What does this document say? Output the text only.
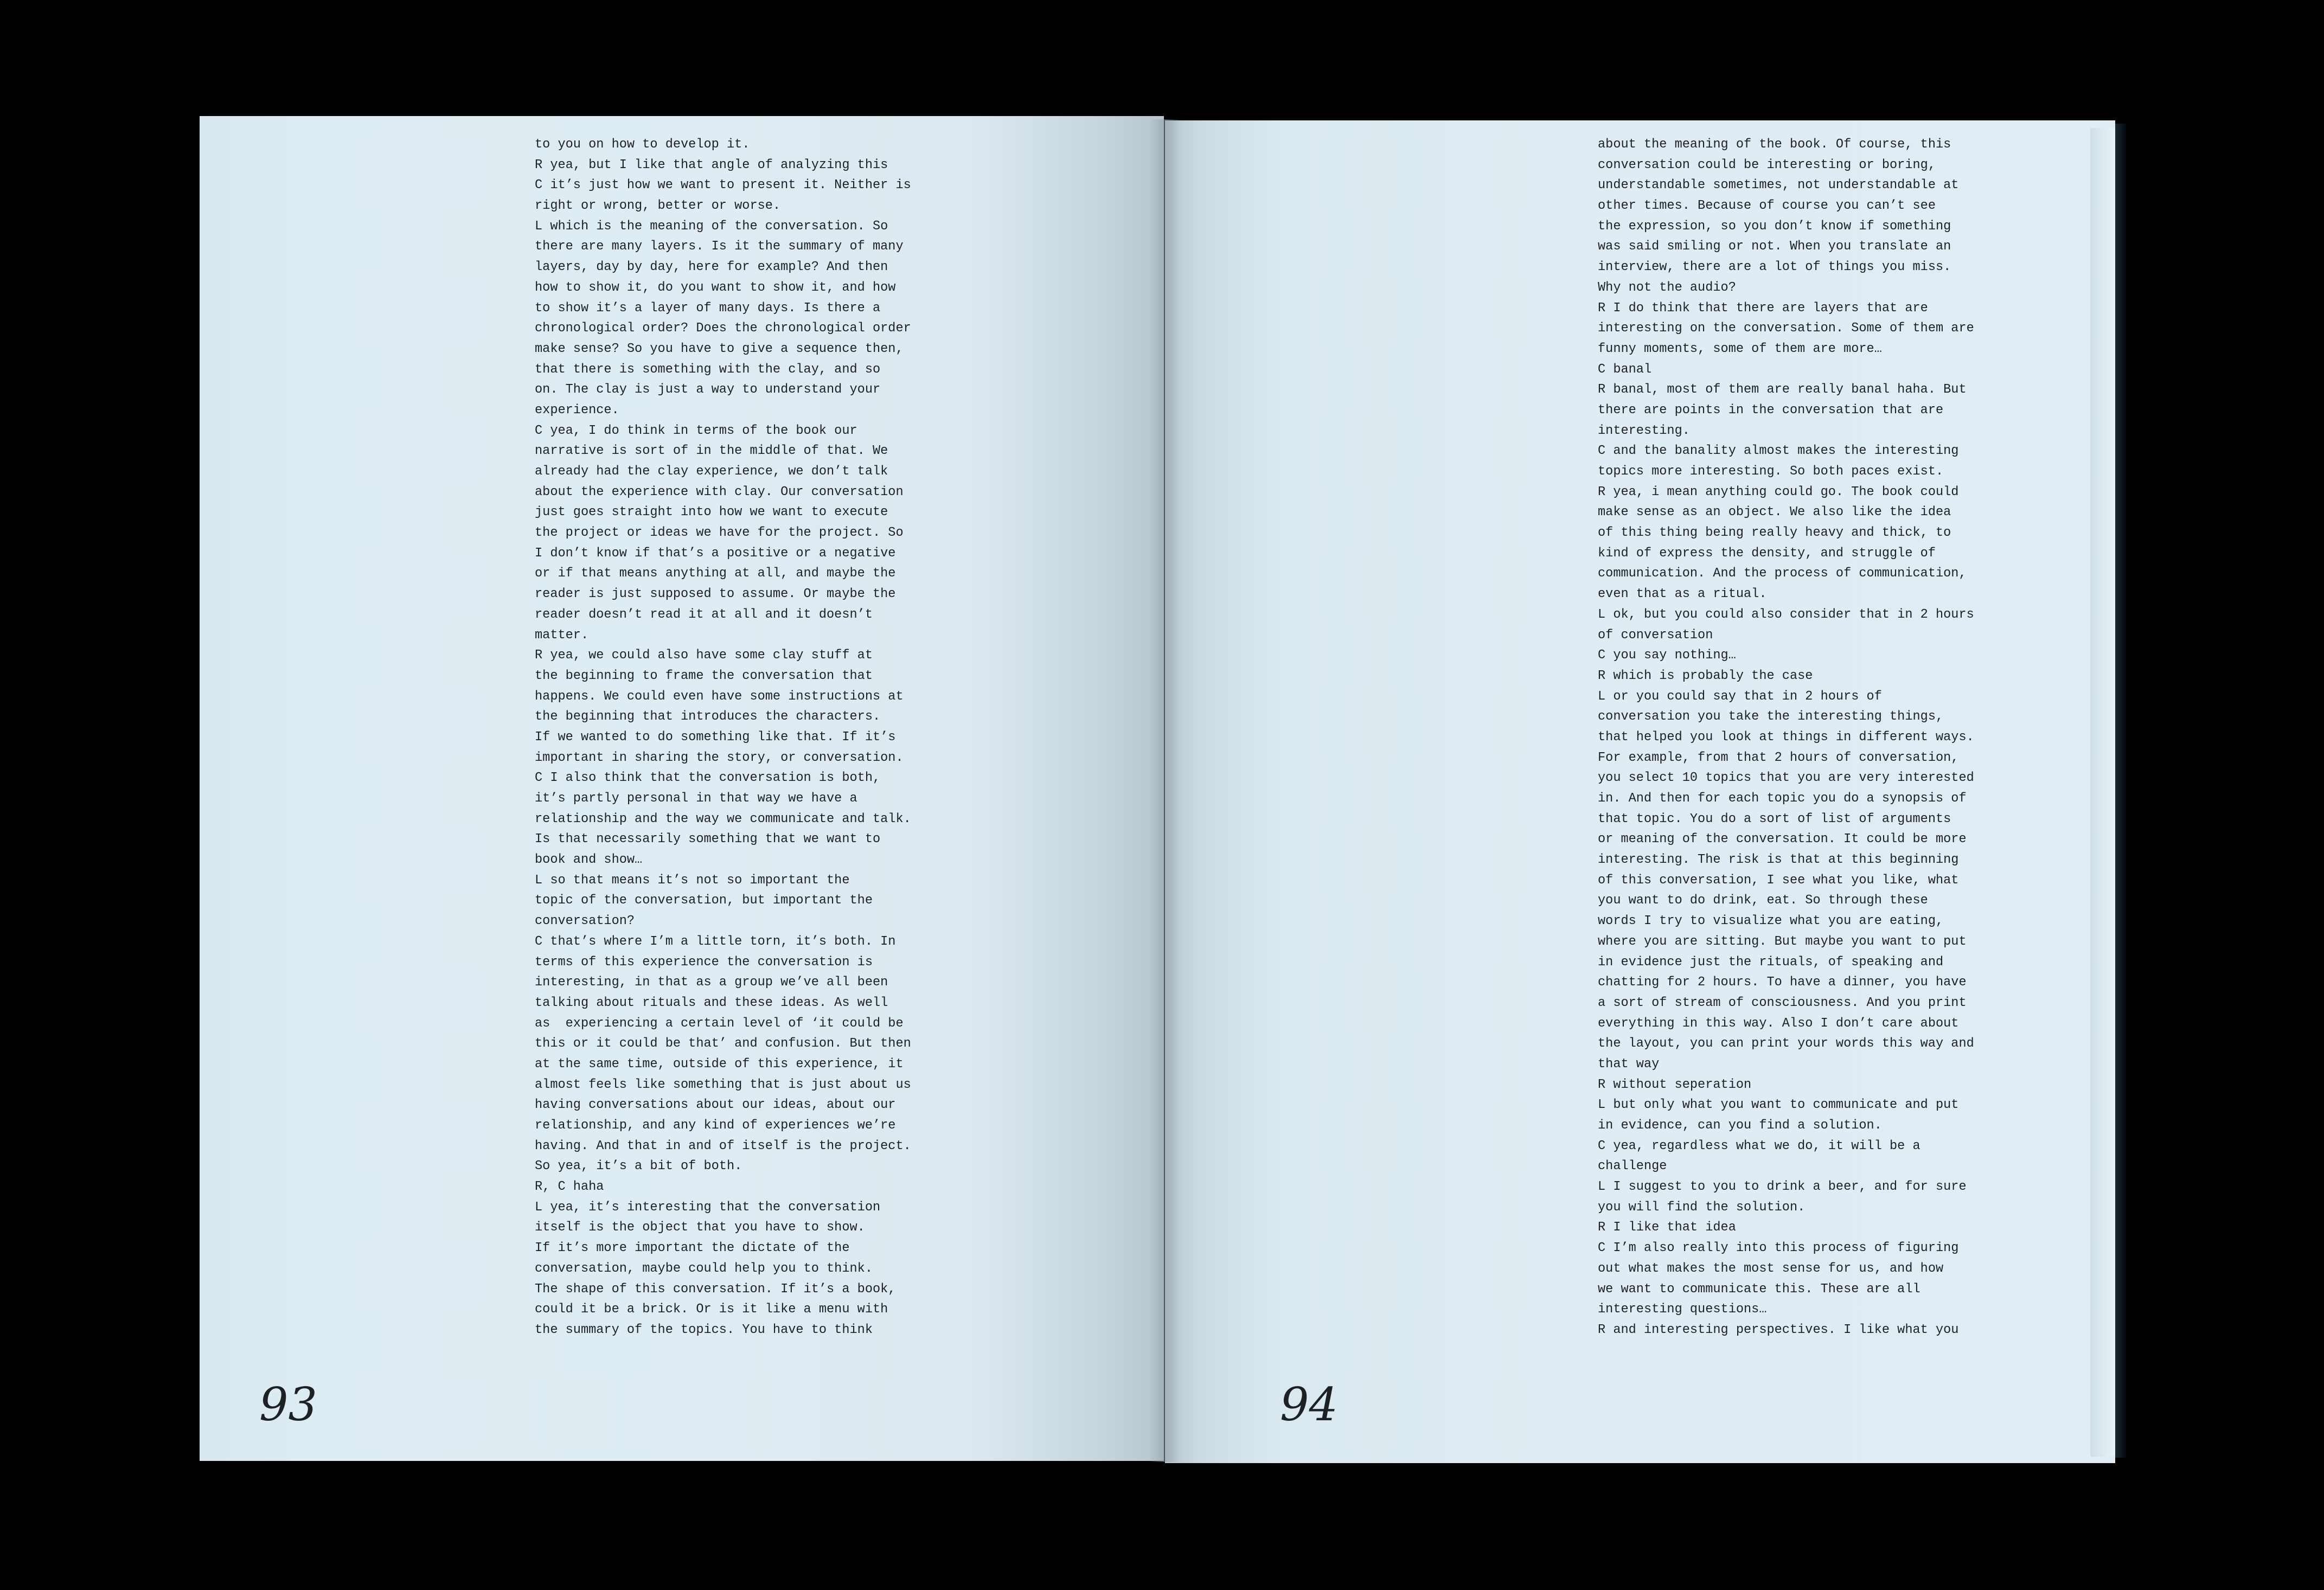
to you on how to develop it.
R yea, but I like that angle of analyzing this
C it’s just how we want to present it. Neither is
right or wrong, better or worse.
L which is the meaning of the conversation. So
there are many layers. Is it the summary of many
layers, day by day, here for example? And then
how to show it, do you want to show it, and how
to show it’s a layer of many days. Is there a
chronological order? Does the chronological order
make sense? So you have to give a sequence then,
that there is something with the clay, and so
on. The clay is just a way to understand your
experience.
C yea, I do think in terms of the book our
narrative is sort of in the middle of that. We
already had the clay experience, we don’t talk
about the experience with clay. Our conversation
just goes straight into how we want to execute
the project or ideas we have for the project. So
I don’t know if that’s a positive or a negative
or if that means anything at all, and maybe the
reader is just supposed to assume. Or maybe the
reader doesn’t read it at all and it doesn’t
matter.
R yea, we could also have some clay stuff at
the beginning to frame the conversation that
happens. We could even have some instructions at
the beginning that introduces the characters.
If we wanted to do something like that. If it’s
important in sharing the story, or conversation.
C I also think that the conversation is both,
it’s partly personal in that way we have a
relationship and the way we communicate and talk.
Is that necessarily something that we want to
book and show…
L so that means it’s not so important the
topic of the conversation, but important the
conversation?
C that’s where I’m a little torn, it’s both. In
terms of this experience the conversation is
interesting, in that as a group we’ve all been
talking about rituals and these ideas. As well
as  experiencing a certain level of ‘it could be
this or it could be that’ and confusion. But then
at the same time, outside of this experience, it
almost feels like something that is just about us
having conversations about our ideas, about our
relationship, and any kind of experiences we’re
having. And that in and of itself is the project.
So yea, it’s a bit of both.
R, C haha
L yea, it’s interesting that the conversation
itself is the object that you have to show.
If it’s more important the dictate of the
conversation, maybe could help you to think.
The shape of this conversation. If it’s a book,
could it be a brick. Or is it like a menu with
the summary of the topics. You have to think
about the meaning of the book. Of course, this
conversation could be interesting or boring,
understandable sometimes, not understandable at
other times. Because of course you can’t see
the expression, so you don’t know if something
was said smiling or not. When you translate an
interview, there are a lot of things you miss.
Why not the audio?
R I do think that there are layers that are
interesting on the conversation. Some of them are
funny moments, some of them are more…
C banal
R banal, most of them are really banal haha. But
there are points in the conversation that are
interesting.
C and the banality almost makes the interesting
topics more interesting. So both paces exist.
R yea, i mean anything could go. The book could
make sense as an object. We also like the idea
of this thing being really heavy and thick, to
kind of express the density, and struggle of
communication. And the process of communication,
even that as a ritual.
L ok, but you could also consider that in 2 hours
of conversation
C you say nothing…
R which is probably the case
L or you could say that in 2 hours of
conversation you take the interesting things,
that helped you look at things in different ways.
For example, from that 2 hours of conversation,
you select 10 topics that you are very interested
in. And then for each topic you do a synopsis of
that topic. You do a sort of list of arguments
or meaning of the conversation. It could be more
interesting. The risk is that at this beginning
of this conversation, I see what you like, what
you want to do drink, eat. So through these
words I try to visualize what you are eating,
where you are sitting. But maybe you want to put
in evidence just the rituals, of speaking and
chatting for 2 hours. To have a dinner, you have
a sort of stream of consciousness. And you print
everything in this way. Also I don’t care about
the layout, you can print your words this way and
that way
R without seperation
L but only what you want to communicate and put
in evidence, can you find a solution.
C yea, regardless what we do, it will be a
challenge
L I suggest to you to drink a beer, and for sure
you will find the solution.
R I like that idea
C I’m also really into this process of figuring
out what makes the most sense for us, and how
we want to communicate this. These are all
interesting questions…
R and interesting perspectives. I like what you
93	94
